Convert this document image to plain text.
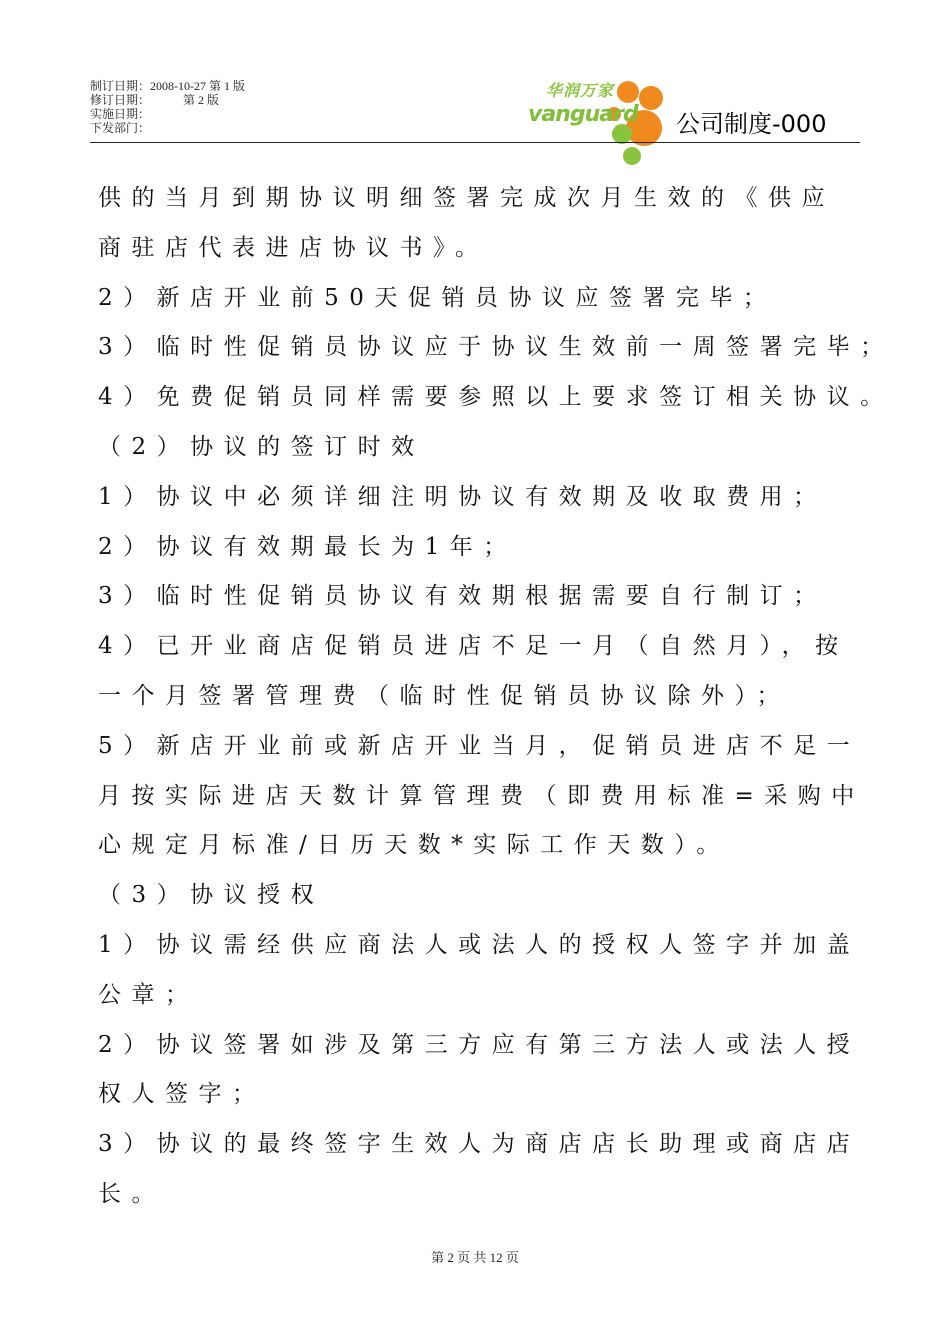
制订日期：2008-10-27 第 1 版
修订日期：           第 2 版
实施日期：
下发部门：
华润万家
vanguard 公司制度-000
供的当月到期协议明细签署完成次月生效的《供应
商驻店代表进店协议书》。
2）新店开业前50天促销员协议应签署完毕；
3）临时性促销员协议应于协议生效前一周签署完毕；
4）免费促销员同样需要参照以上要求签订相关协议。
（2）协议的签订时效
1）协议中必须详细注明协议有效期及收取费用；
2）协议有效期最长为1年；
3）临时性促销员协议有效期根据需要自行制订；
4）已开业商店促销员进店不足一月（自然月），按
一个月签署管理费（临时性促销员协议除外）；
5）新店开业前或新店开业当月，促销员进店不足一
月按实际进店天数计算管理费（即费用标准=采购中
心规定月标准/日历天数*实际工作天数）。
（3）协议授权
1）协议需经供应商法人或法人的授权人签字并加盖
公章；
2）协议签署如涉及第三方应有第三方法人或法人授
权人签字；
3）协议的最终签字生效人为商店店长助理或商店店
长。
第 2 页 共 12 页
